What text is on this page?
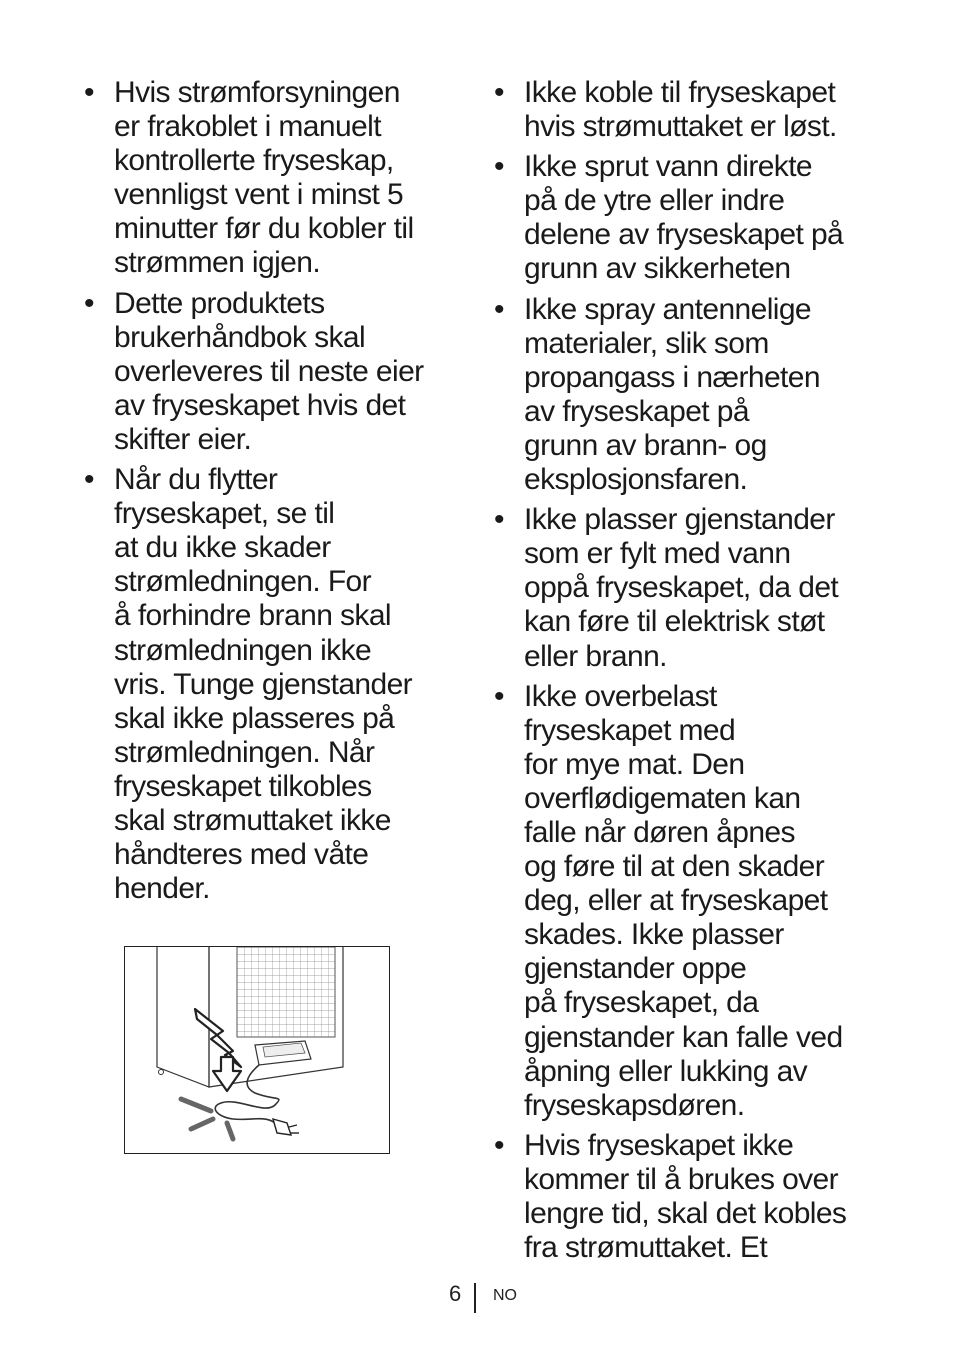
• Hvis strømforsyningen
er frakoblet i manuelt
kontrollerte fryseskap,
vennligst vent i minst 5
minutter før du kobler til
strømmen igjen.
• Dette produktets
brukerhåndbok skal
overleveres til neste eier
av fryseskapet hvis det
skifter eier.
• Når du flytter
fryseskapet, se til
at du ikke skader
strømledningen. For
å forhindre brann skal
strømledningen ikke
vris. Tunge gjenstander
skal ikke plasseres på
strømledningen. Når
fryseskapet tilkobles
skal strømuttaket ikke
håndteres med våte
hender.
• Ikke koble til fryseskapet
hvis strømuttaket er løst.
• Ikke sprut vann direkte
på de ytre eller indre
delene av fryseskapet på
grunn av sikkerheten
• Ikke spray antennelige
materialer, slik som
propangass i nærheten
av fryseskapet på
grunn av brann- og
eksplosjonsfaren.
• Ikke plasser gjenstander
som er fylt med vann
oppå fryseskapet, da det
kan føre til elektrisk støt
eller brann.
• Ikke overbelast
fryseskapet med
for mye mat. Den
overflødigematen kan
falle når døren åpnes
og føre til at den skader
deg, eller at fryseskapet
skades. Ikke plasser
gjenstander oppe
på fryseskapet, da
gjenstander kan falle ved
åpning eller lukking av
fryseskapsdøren.
• Hvis fryseskapet ikke
kommer til å brukes over
lengre tid, skal det kobles
fra strømuttaket. Et
6 NO
